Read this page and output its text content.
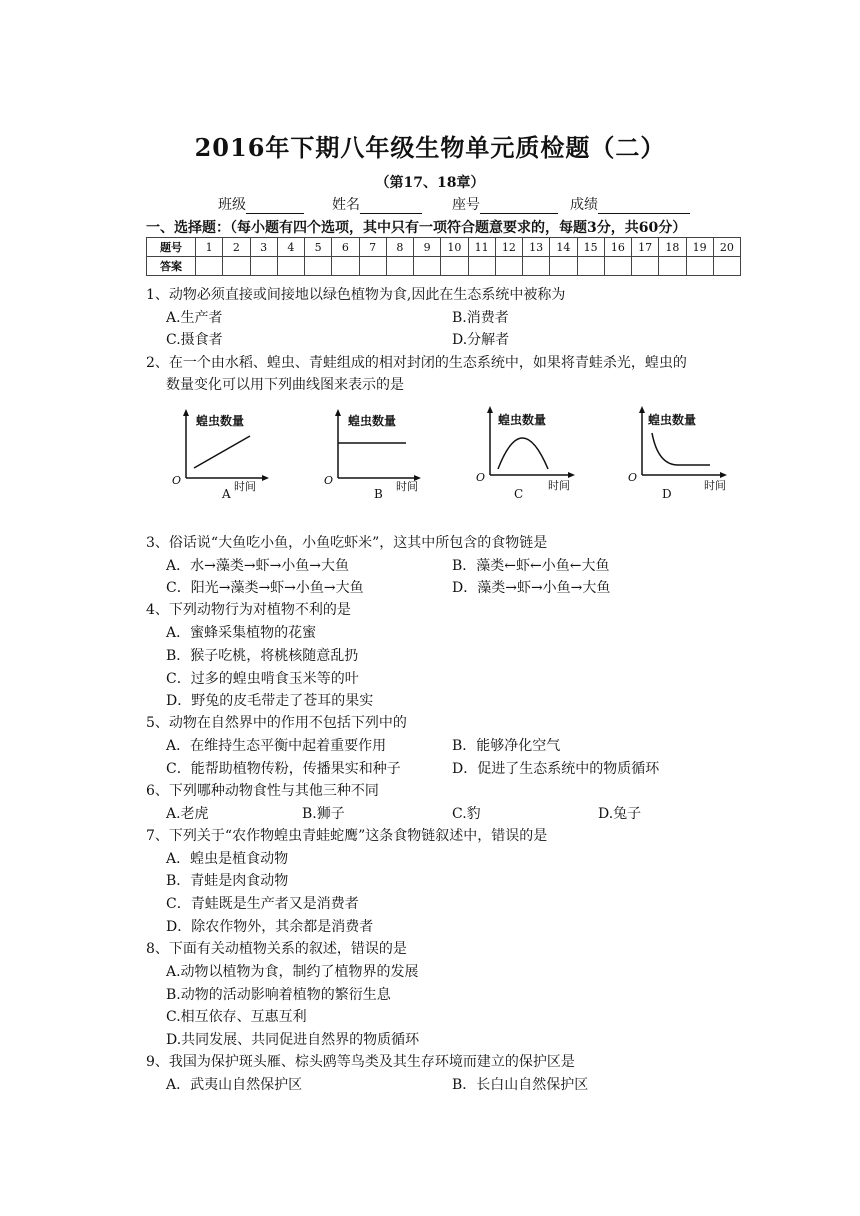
2016年下期八年级生物单元质检题（二）
（第17、18章）
班级	姓名	座号	成绩
一、选择题：（每小题有四个选项，其中只有一项符合题意要求的，每题3分，共60分）
题号	1	2	3	4	5	6	7	8	9	10	11	12	13	14	15	16	17	18	19	20
答案																				
1、动物必须直接或间接地以绿色植物为食,因此在生态系统中被称为
A.生产者	B.消费者
C.摄食者	D.分解者
2、在一个由水稻、蝗虫、青蛙组成的相对封闭的生态系统中，如果将青蛙杀光，蝗虫的
数量变化可以用下列曲线图来表示的是
蝗虫数量
时间
O
A
蝗虫数量
时间
O
B
蝗虫数量
时间
O
C
蝗虫数量
时间
O
D
3、俗话说“大鱼吃小鱼，小鱼吃虾米”，这其中所包含的食物链是
A．水→藻类→虾→小鱼→大鱼	B．藻类←虾←小鱼←大鱼
C．阳光→藻类→虾→小鱼→大鱼	D．藻类→虾→小鱼→大鱼
4、下列动物行为对植物不利的是
A．蜜蜂采集植物的花蜜
B．猴子吃桃，将桃核随意乱扔
C．过多的蝗虫啃食玉米等的叶
D．野兔的皮毛带走了苍耳的果实
5、动物在自然界中的作用不包括下列中的
A．在维持生态平衡中起着重要作用	B．能够净化空气
C．能帮助植物传粉，传播果实和种子	D．促进了生态系统中的物质循环
6、下列哪种动物食性与其他三种不同
A.老虎	B.狮子	C.豹	D.兔子
7、下列关于“农作物蝗虫青蛙蛇鹰”这条食物链叙述中，错误的是
A．蝗虫是植食动物
B．青蛙是肉食动物
C．青蛙既是生产者又是消费者
D．除农作物外，其余都是消费者
8、下面有关动植物关系的叙述，错误的是
A.动物以植物为食，制约了植物界的发展
B.动物的活动影响着植物的繁衍生息
C.相互依存、互惠互利
D.共同发展、共同促进自然界的物质循环
9、我国为保护斑头雁、棕头鸥等鸟类及其生存环境而建立的保护区是
A．武夷山自然保护区	B．长白山自然保护区
